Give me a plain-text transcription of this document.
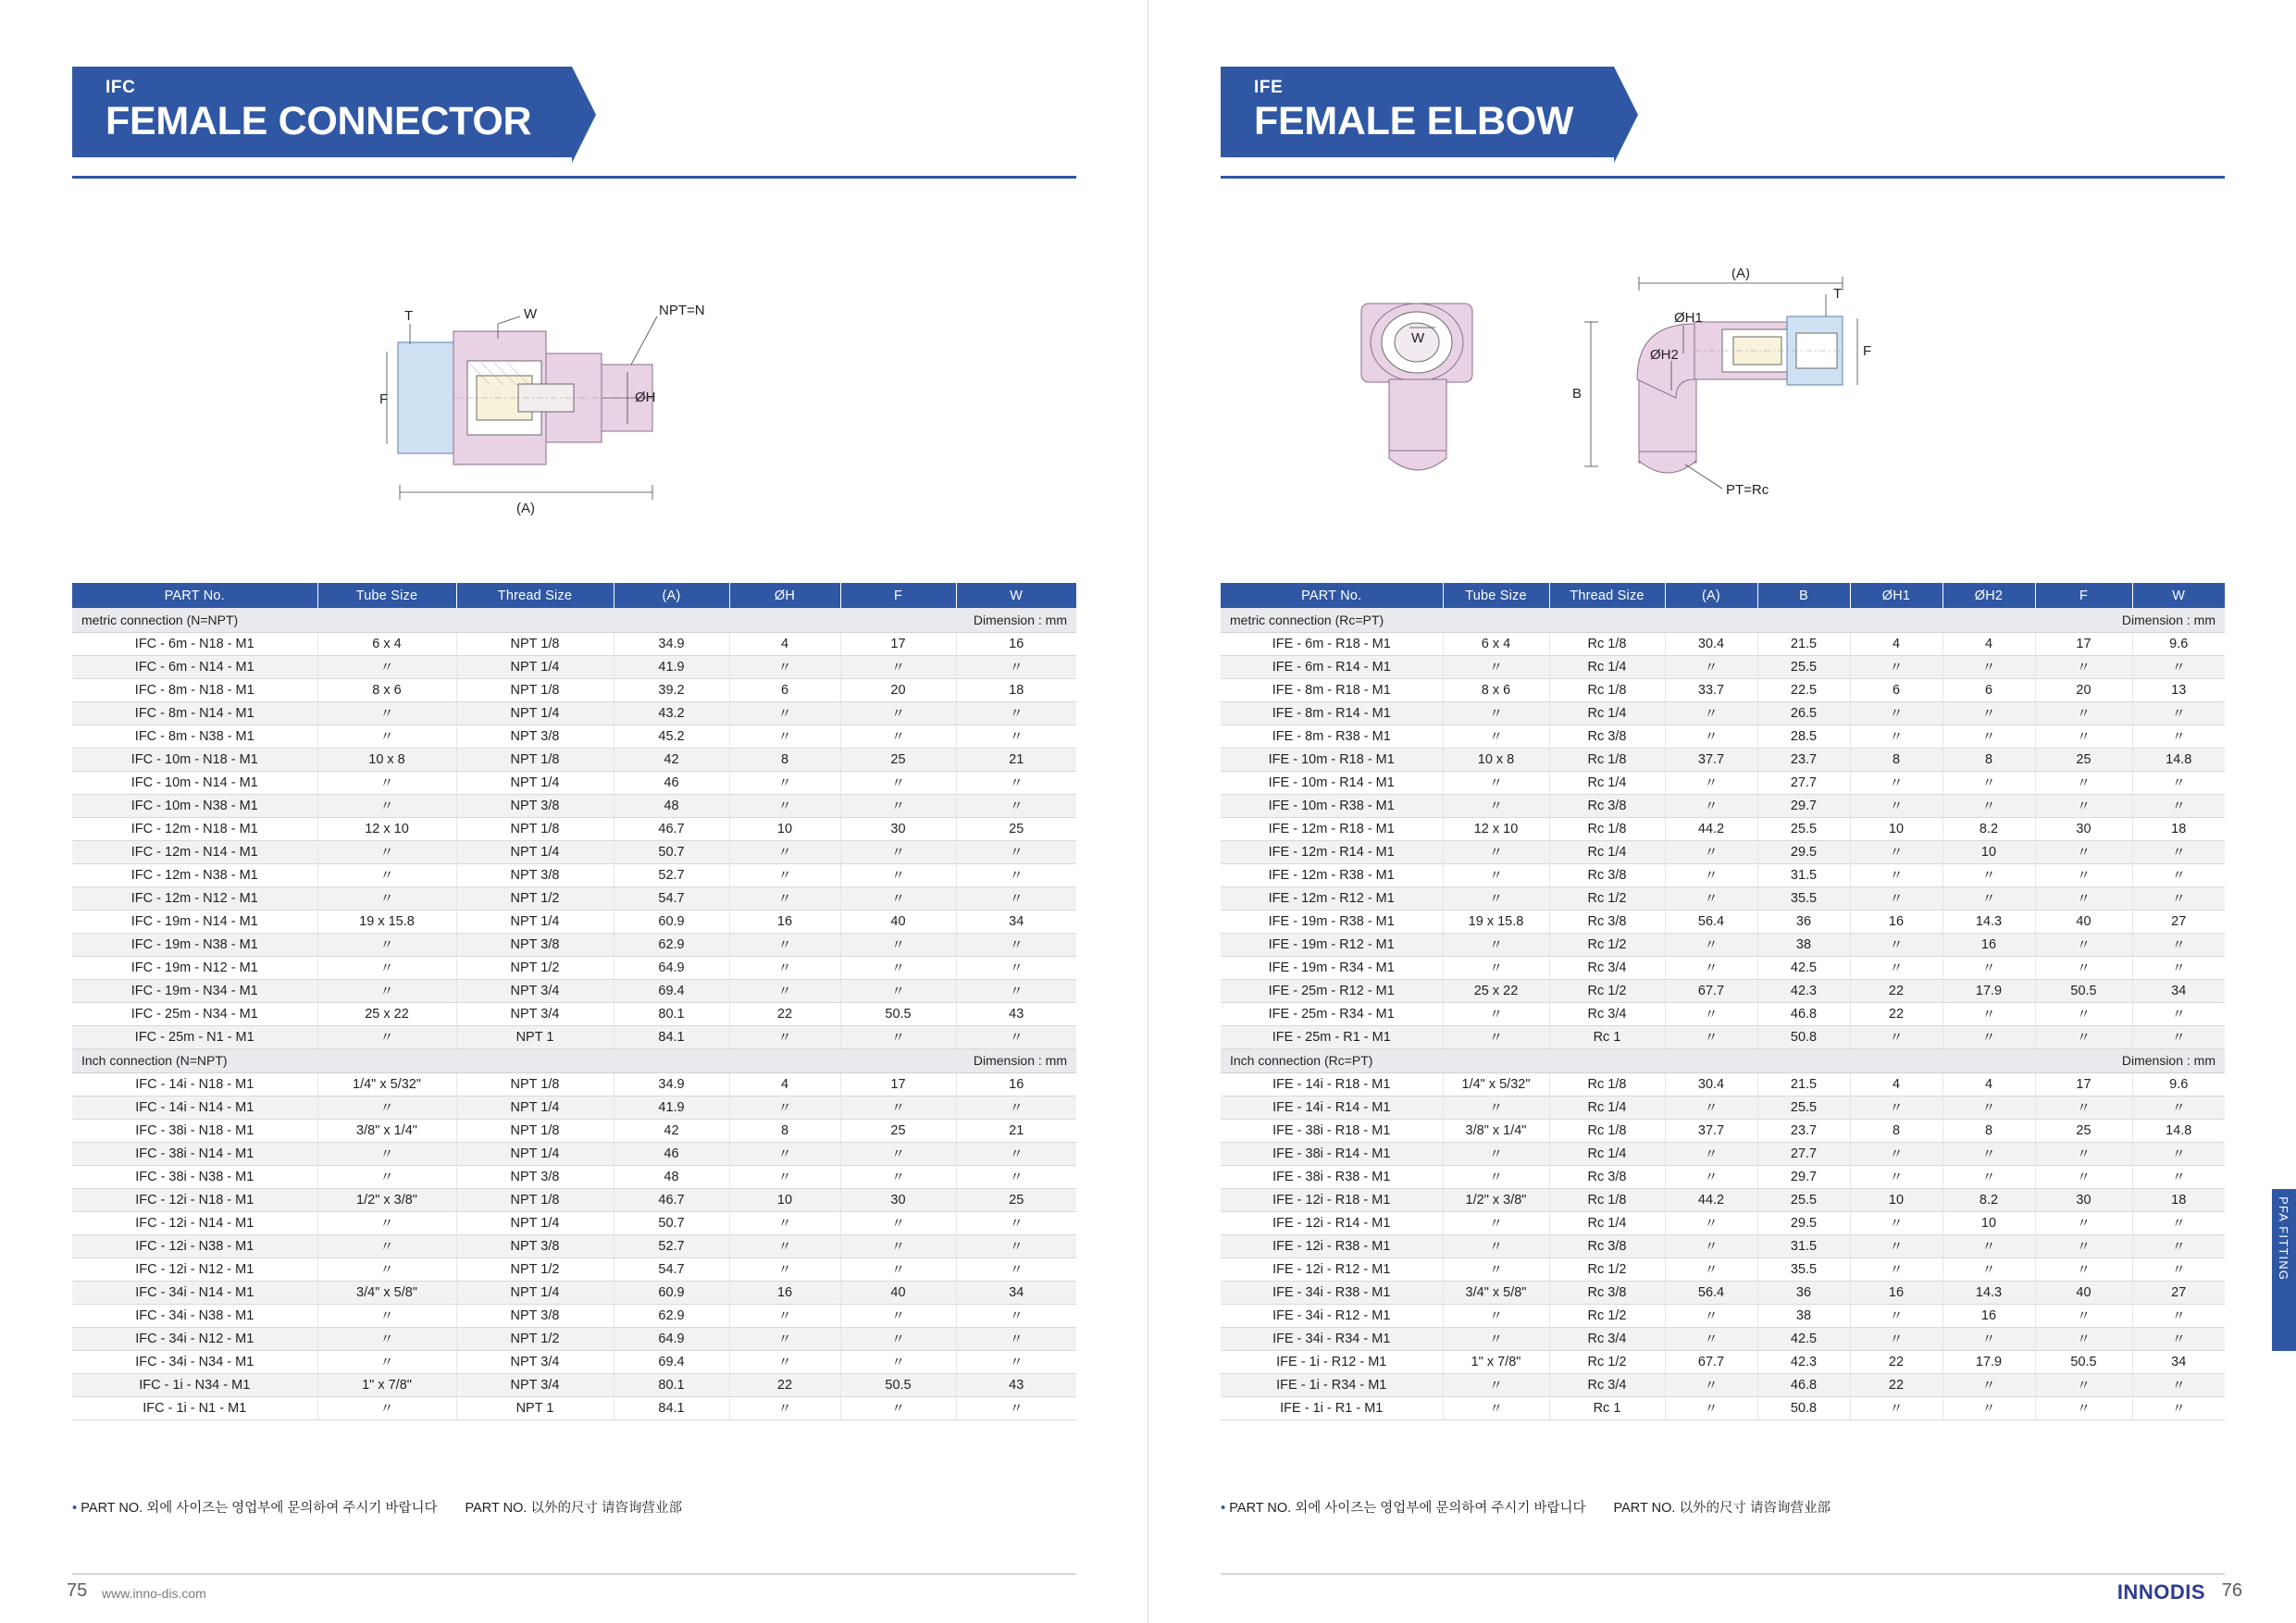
IFC
FEMALE CONNECTOR
W
T
F	ØH
NPT=N
(A)
PART No.	Tube Size	Thread Size	(A)	ØH	F	W
metric connection (N=NPT)				Dimension : mm		
IFC - 6m - N18 - M1	6 x 4	NPT 1/8	34.9	4	17	16
IFC - 6m - N14 - M1	〃	NPT 1/4	41.9	〃	〃	〃
IFC - 8m - N18 - M1	8 x 6	NPT 1/8	39.2	6	20	18
IFC - 8m - N14 - M1	〃	NPT 1/4	43.2	〃	〃	〃
IFC - 8m - N38 - M1	〃	NPT 3/8	45.2	〃	〃	〃
IFC - 10m - N18 - M1	10 x 8	NPT 1/8	42	8	25	21
IFC - 10m - N14 - M1	〃	NPT 1/4	46	〃	〃	〃
IFC - 10m - N38 - M1	〃	NPT 3/8	48	〃	〃	〃
IFC - 12m - N18 - M1	12 x 10	NPT 1/8	46.7	10	30	25
IFC - 12m - N14 - M1	〃	NPT 1/4	50.7	〃	〃	〃
IFC - 12m - N38 - M1	〃	NPT 3/8	52.7	〃	〃	〃
IFC - 12m - N12 - M1	〃	NPT 1/2	54.7	〃	〃	〃
IFC - 19m - N14 - M1	19 x 15.8	NPT 1/4	60.9	16	40	34
IFC - 19m - N38 - M1	〃	NPT 3/8	62.9	〃	〃	〃
IFC - 19m - N12 - M1	〃	NPT 1/2	64.9	〃	〃	〃
IFC - 19m - N34 - M1	〃	NPT 3/4	69.4	〃	〃	〃
IFC - 25m - N34 - M1	25 x 22	NPT 3/4	80.1	22	50.5	43
IFC - 25m - N1 - M1	〃	NPT 1	84.1	〃	〃	〃
Inch connection (N=NPT)				Dimension : mm		
IFC - 14i - N18 - M1	1/4" x 5/32"	NPT 1/8	34.9	4	17	16
IFC - 14i - N14 - M1	〃	NPT 1/4	41.9	〃	〃	〃
IFC - 38i - N18 - M1	3/8" x 1/4"	NPT 1/8	42	8	25	21
IFC - 38i - N14 - M1	〃	NPT 1/4	46	〃	〃	〃
IFC - 38i - N38 - M1	〃	NPT 3/8	48	〃	〃	〃
IFC - 12i - N18 - M1	1/2" x 3/8"	NPT 1/8	46.7	10	30	25
IFC - 12i - N14 - M1	〃	NPT 1/4	50.7	〃	〃	〃
IFC - 12i - N38 - M1	〃	NPT 3/8	52.7	〃	〃	〃
IFC - 12i - N12 - M1	〃	NPT 1/2	54.7	〃	〃	〃
IFC - 34i - N14 - M1	3/4" x 5/8"	NPT 1/4	60.9	16	40	34
IFC - 34i - N38 - M1	〃	NPT 3/8	62.9	〃	〃	〃
IFC - 34i - N12 - M1	〃	NPT 1/2	64.9	〃	〃	〃
IFC - 34i - N34 - M1	〃	NPT 3/4	69.4	〃	〃	〃
IFC - 1i - N34 - M1	1" x 7/8"	NPT 3/4	80.1	22	50.5	43
IFC - 1i - N1 - M1	〃	NPT 1	84.1	〃	〃	〃
• PART NO. 외에 사이즈는 영업부에 문의하여 주시기 바랍니다 PART NO. 以外的尺寸 请咨询营业部
75 www.inno-dis.com
IFE
FEMALE ELBOW
W
ØH1
ØH2
T
F
PT=Rc
(A)
B
PART No.	Tube Size	Thread Size	(A)	B	ØH1	ØH2	F	W
metric connection (Rc=PT)					Dimension : mm			
IFE - 6m - R18 - M1	6 x 4	Rc 1/8	30.4	21.5	4	4	17	9.6
IFE - 6m - R14 - M1	〃	Rc 1/4	〃	25.5	〃	〃	〃	〃
IFE - 8m - R18 - M1	8 x 6	Rc 1/8	33.7	22.5	6	6	20	13
IFE - 8m - R14 - M1	〃	Rc 1/4	〃	26.5	〃	〃	〃	〃
IFE - 8m - R38 - M1	〃	Rc 3/8	〃	28.5	〃	〃	〃	〃
IFE - 10m - R18 - M1	10 x 8	Rc 1/8	37.7	23.7	8	8	25	14.8
IFE - 10m - R14 - M1	〃	Rc 1/4	〃	27.7	〃	〃	〃	〃
IFE - 10m - R38 - M1	〃	Rc 3/8	〃	29.7	〃	〃	〃	〃
IFE - 12m - R18 - M1	12 x 10	Rc 1/8	44.2	25.5	10	8.2	30	18
IFE - 12m - R14 - M1	〃	Rc 1/4	〃	29.5	〃	10	〃	〃
IFE - 12m - R38 - M1	〃	Rc 3/8	〃	31.5	〃	〃	〃	〃
IFE - 12m - R12 - M1	〃	Rc 1/2	〃	35.5	〃	〃	〃	〃
IFE - 19m - R38 - M1	19 x 15.8	Rc 3/8	56.4	36	16	14.3	40	27
IFE - 19m - R12 - M1	〃	Rc 1/2	〃	38	〃	16	〃	〃
IFE - 19m - R34 - M1	〃	Rc 3/4	〃	42.5	〃	〃	〃	〃
IFE - 25m - R12 - M1	25 x 22	Rc 1/2	67.7	42.3	22	17.9	50.5	34
IFE - 25m - R34 - M1	〃	Rc 3/4	〃	46.8	22	〃	〃	〃
IFE - 25m - R1 - M1	〃	Rc 1	〃	50.8	〃	〃	〃	〃
Inch connection (Rc=PT)					Dimension : mm			
IFE - 14i - R18 - M1	1/4" x 5/32"	Rc 1/8	30.4	21.5	4	4	17	9.6
IFE - 14i - R14 - M1	〃	Rc 1/4	〃	25.5	〃	〃	〃	〃
IFE - 38i - R18 - M1	3/8" x 1/4"	Rc 1/8	37.7	23.7	8	8	25	14.8
IFE - 38i - R14 - M1	〃	Rc 1/4	〃	27.7	〃	〃	〃	〃
IFE - 38i - R38 - M1	〃	Rc 3/8	〃	29.7	〃	〃	〃	〃
IFE - 12i - R18 - M1	1/2" x 3/8"	Rc 1/8	44.2	25.5	10	8.2	30	18
IFE - 12i - R14 - M1	〃	Rc 1/4	〃	29.5	〃	10	〃	〃
IFE - 12i - R38 - M1	〃	Rc 3/8	〃	31.5	〃	〃	〃	〃
IFE - 12i - R12 - M1	〃	Rc 1/2	〃	35.5	〃	〃	〃	〃
IFE - 34i - R38 - M1	3/4" x 5/8"	Rc 3/8	56.4	36	16	14.3	40	27
IFE - 34i - R12 - M1	〃	Rc 1/2	〃	38	〃	16	〃	〃
IFE - 34i - R34 - M1	〃	Rc 3/4	〃	42.5	〃	〃	〃	〃
IFE - 1i - R12 - M1	1" x 7/8"	Rc 1/2	67.7	42.3	22	17.9	50.5	34
IFE - 1i - R34 - M1	〃	Rc 3/4	〃	46.8	22	〃	〃	〃
IFE - 1i - R1 - M1	〃	Rc 1	〃	50.8	〃	〃	〃	〃
• PART NO. 외에 사이즈는 영업부에 문의하여 주시기 바랍니다 PART NO. 以外的尺寸 请咨询营业部
INNODIS 76
PFA FITTING
